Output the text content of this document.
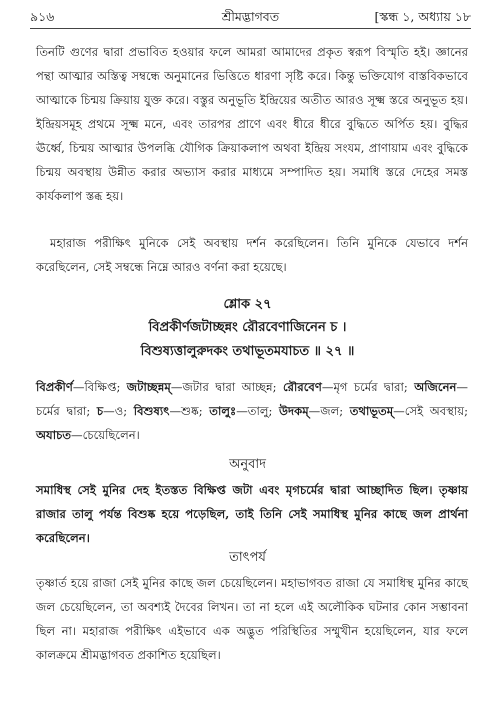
৯১৬	শ্রীমদ্ভাগবত	[স্কন্ধ ১, অধ্যায় ১৮

তিনটি গুণের দ্বারা প্রভাবিত হওয়ার ফলে আমরা আমাদের প্রকৃত স্বরূপ বিস্মৃতি হই। জ্ঞানের পন্থা আত্মার অস্তিত্ব সম্বন্ধে অনুমানের ভিত্তিতে ধারণা সৃষ্টি করে। কিন্তু ভক্তিযোগ বাস্তবিকভাবে আত্মাকে চিন্ময় ক্রিয়ায় যুক্ত করে। বস্তুর অনুভূতি ইন্দ্রিয়ের অতীত আরও সূক্ষ্ম স্তরে অনুভূত হয়। ইন্দ্রিয়সমূহ প্রথমে সূক্ষ্ম মনে, এবং তারপর প্রাণে এবং ধীরে ধীরে বুদ্ধিতে অর্পিত হয়। বুদ্ধির ঊর্ধ্বে, চিন্ময় আত্মার উপলব্ধি যৌগিক ক্রিয়াকলাপ অথবা ইন্দ্রিয় সংযম, প্রাণায়াম এবং বুদ্ধিকে চিন্ময় অবস্থায় উন্নীত করার অভ্যাস করার মাধ্যমে সম্পাদিত হয়। সমাধি স্তরে দেহের সমস্ত কার্যকলাপ স্তব্ধ হয়।

মহারাজ পরীক্ষিৎ মুনিকে সেই অবস্থায় দর্শন করেছিলেন। তিনি মুনিকে যেভাবে দর্শন করেছিলেন, সেই সম্বন্ধে নিম্নে আরও বর্ণনা করা হয়েছে।

শ্লোক ২৭
বিপ্রকীর্ণজটাচ্ছন্নং রৌরবেণাজিনেন চ ।
বিশুষ্যত্তালুরুদকং তথাভূতমযাচত ॥ ২৭ ॥

বিপ্রকীর্ণ—বিক্ষিপ্ত; জটাচ্ছন্নম্—জটার দ্বারা আচ্ছন্ন; রৌরবেণ—মৃগ চর্মের দ্বারা; অজিনেন—চর্মের দ্বারা; চ—ও; বিশুষ্যৎ—শুষ্ক; তালুঃ—তালু; উদকম্—জল; তথাভূতম্—সেই অবস্থায়; অযাচত—চেয়েছিলেন।

অনুবাদ

সমাধিস্থ সেই মুনির দেহ ইতস্তত বিক্ষিপ্ত জটা এবং মৃগচর্মের দ্বারা আচ্ছাদিত ছিল। তৃষ্ণায় রাজার তালু পর্যন্ত বিশুষ্ক হয়ে পড়েছিল, তাই তিনি সেই সমাধিস্থ মুনির কাছে জল প্রার্থনা করেছিলেন।

তাৎপর্য

তৃষ্ণার্ত হয়ে রাজা সেই মুনির কাছে জল চেয়েছিলেন। মহাভাগবত রাজা যে সমাধিস্থ মুনির কাছে জল চেয়েছিলেন, তা অবশ্যই দৈবের লিখন। তা না হলে এই অলৌকিক ঘটনার কোন সম্ভাবনা ছিল না। মহারাজ পরীক্ষিৎ এইভাবে এক অদ্ভুত পরিস্থিতির সম্মুখীন হয়েছিলেন, যার ফলে কালক্রমে শ্রীমদ্ভাগবত প্রকাশিত হয়েছিল।
